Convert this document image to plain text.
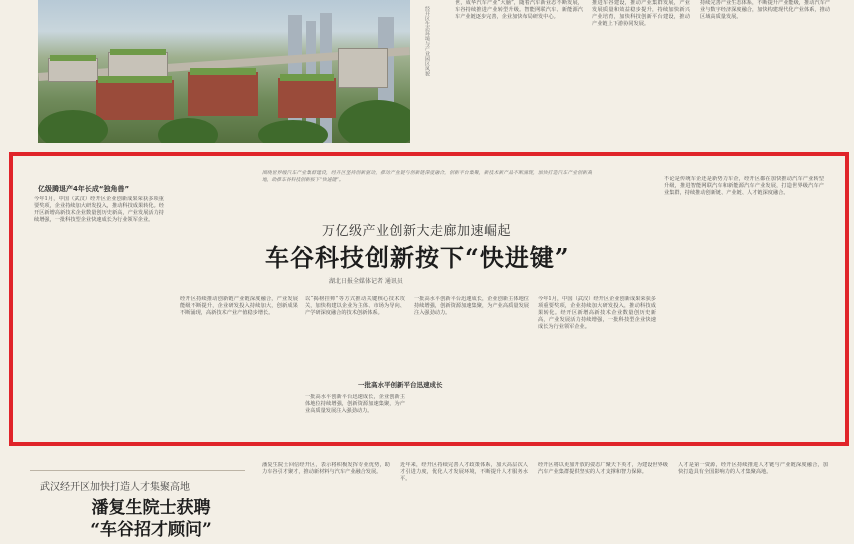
经开区生态环境与产业园区风貌
世，成华汽车产业“大脑”，随着汽车新业态不断发展，车谷持续推进产业转型升级。智能网联汽车、新能源汽车产业链逐步完善，企业加快布局研发中心。
推进车谷建设，推动产业集群发展，产业发展质量和效益稳步提升，持续加快新兴产业培育，加快科技创新平台建设，推动产业链上下游协同发展。
持续完善产业生态体系，不断提升产业能级，推动汽车产业与数字经济深度融合，加快构建现代化产业体系，推动区域高质量发展。
亿级腾退产4年长成“独角兽”
今年1月，中国（武汉）经开区企业创新成果荣获多项重要奖项，企业持续加大研发投入，推动科技成果转化。经开区新增高新技术企业数量创历史新高，产业发展活力持续增强，一批科技型企业快速成长为行业领军企业。
围绕世界级汽车产业集群建设，经开区坚持创新驱动，推动产业链与创新链深度融合，创新平台集聚，新技术新产品不断涌现，加快打造汽车产业创新高地，助推车谷科技创新按下“快进键”。
万亿级产业创新大走廊加速崛起
车谷科技创新按下“快进键”
湖北日报全媒体记者 通讯员
经开区持续推动创新链产业链深度融合，产业发展能级不断提升，企业研发投入持续加大，创新成果不断涌现，高新技术产业产值稳步增长。
以“揭榜挂帅”等方式推动关键核心技术攻关，加快构建以企业为主体、市场为导向、产学研深度融合的技术创新体系。
一批高水平创新平台迅速成长
一批高水平创新平台迅速成长，企业创新主体地位持续增强，创新资源加速集聚，为产业高质量发展注入强劲动力。
一批高水平创新平台迅速成长，企业创新主体地位持续增强，创新资源加速集聚，为产业高质量发展注入强劲动力。
今年1月，中国（武汉）经开区企业创新成果荣获多项重要奖项，企业持续加大研发投入，推动科技成果转化。经开区新增高新技术企业数量创历史新高，产业发展活力持续增强，一批科技型企业快速成长为行业领军企业。
不论是传统车企还是新势力车企，经开区都在加快推动汽车产业转型升级，推进智能网联汽车和新能源汽车产业发展，打造世界级汽车产业集群，持续推动创新链、产业链、人才链深度融合。
武汉经开区加快打造人才集聚高地
潘复生院士获聘
“车谷招才顾问”
潘复生院士回信经开区，表示将积极发挥专业优势，助力车谷引才聚才，推动新材料与汽车产业融合发展。
近年来，经开区持续完善人才政策体系，加大高层次人才引进力度，优化人才发展环境，不断提升人才服务水平。
经开区将以更加开放的姿态广聚天下英才，为建设世界级汽车产业集群提供坚实的人才支撑和智力保障。
人才是第一资源，经开区持续推进人才链与产业链深度融合，加快打造具有全国影响力的人才集聚高地。
